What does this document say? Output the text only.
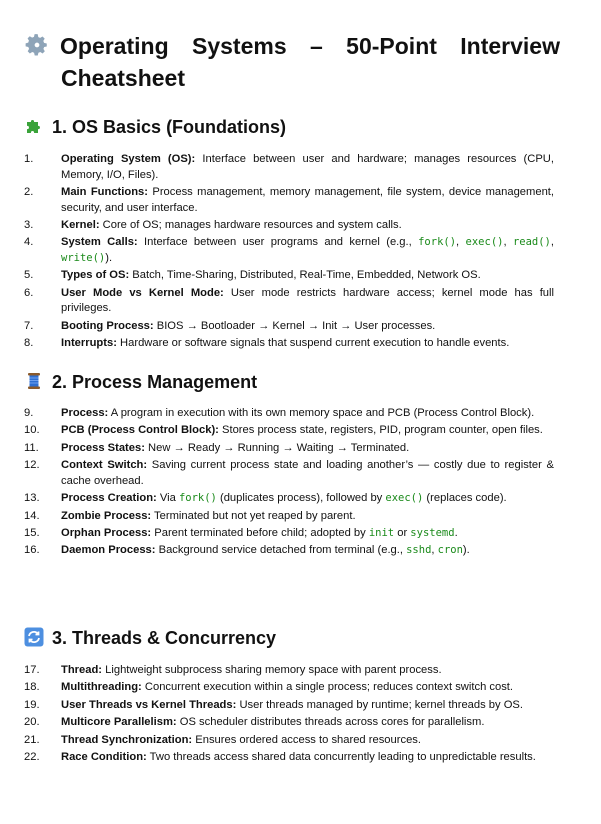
Operating Systems – 50-Point Interview
Cheatsheet
1. OS Basics (Foundations)
1. Operating System (OS): Interface between user and hardware; manages resources (CPU, Memory, I/O, Files).
2. Main Functions: Process management, memory management, file system, device management, security, and user interface.
3. Kernel: Core of OS; manages hardware resources and system calls.
4. System Calls: Interface between user programs and kernel (e.g., fork(), exec(), read(), write()).
5. Types of OS: Batch, Time-Sharing, Distributed, Real-Time, Embedded, Network OS.
6. User Mode vs Kernel Mode: User mode restricts hardware access; kernel mode has full privileges.
7. Booting Process: BIOS → Bootloader → Kernel → Init → User processes.
8. Interrupts: Hardware or software signals that suspend current execution to handle events.
2. Process Management
9. Process: A program in execution with its own memory space and PCB (Process Control Block).
10. PCB (Process Control Block): Stores process state, registers, PID, program counter, open files.
11. Process States: New → Ready → Running → Waiting → Terminated.
12. Context Switch: Saving current process state and loading another’s — costly due to register & cache overhead.
13. Process Creation: Via fork() (duplicates process), followed by exec() (replaces code).
14. Zombie Process: Terminated but not yet reaped by parent.
15. Orphan Process: Parent terminated before child; adopted by init or systemd.
16. Daemon Process: Background service detached from terminal (e.g., sshd, cron).
3. Threads & Concurrency
17. Thread: Lightweight subprocess sharing memory space with parent process.
18. Multithreading: Concurrent execution within a single process; reduces context switch cost.
19. User Threads vs Kernel Threads: User threads managed by runtime; kernel threads by OS.
20. Multicore Parallelism: OS scheduler distributes threads across cores for parallelism.
21. Thread Synchronization: Ensures ordered access to shared resources.
22. Race Condition: Two threads access shared data concurrently leading to unpredictable results.
